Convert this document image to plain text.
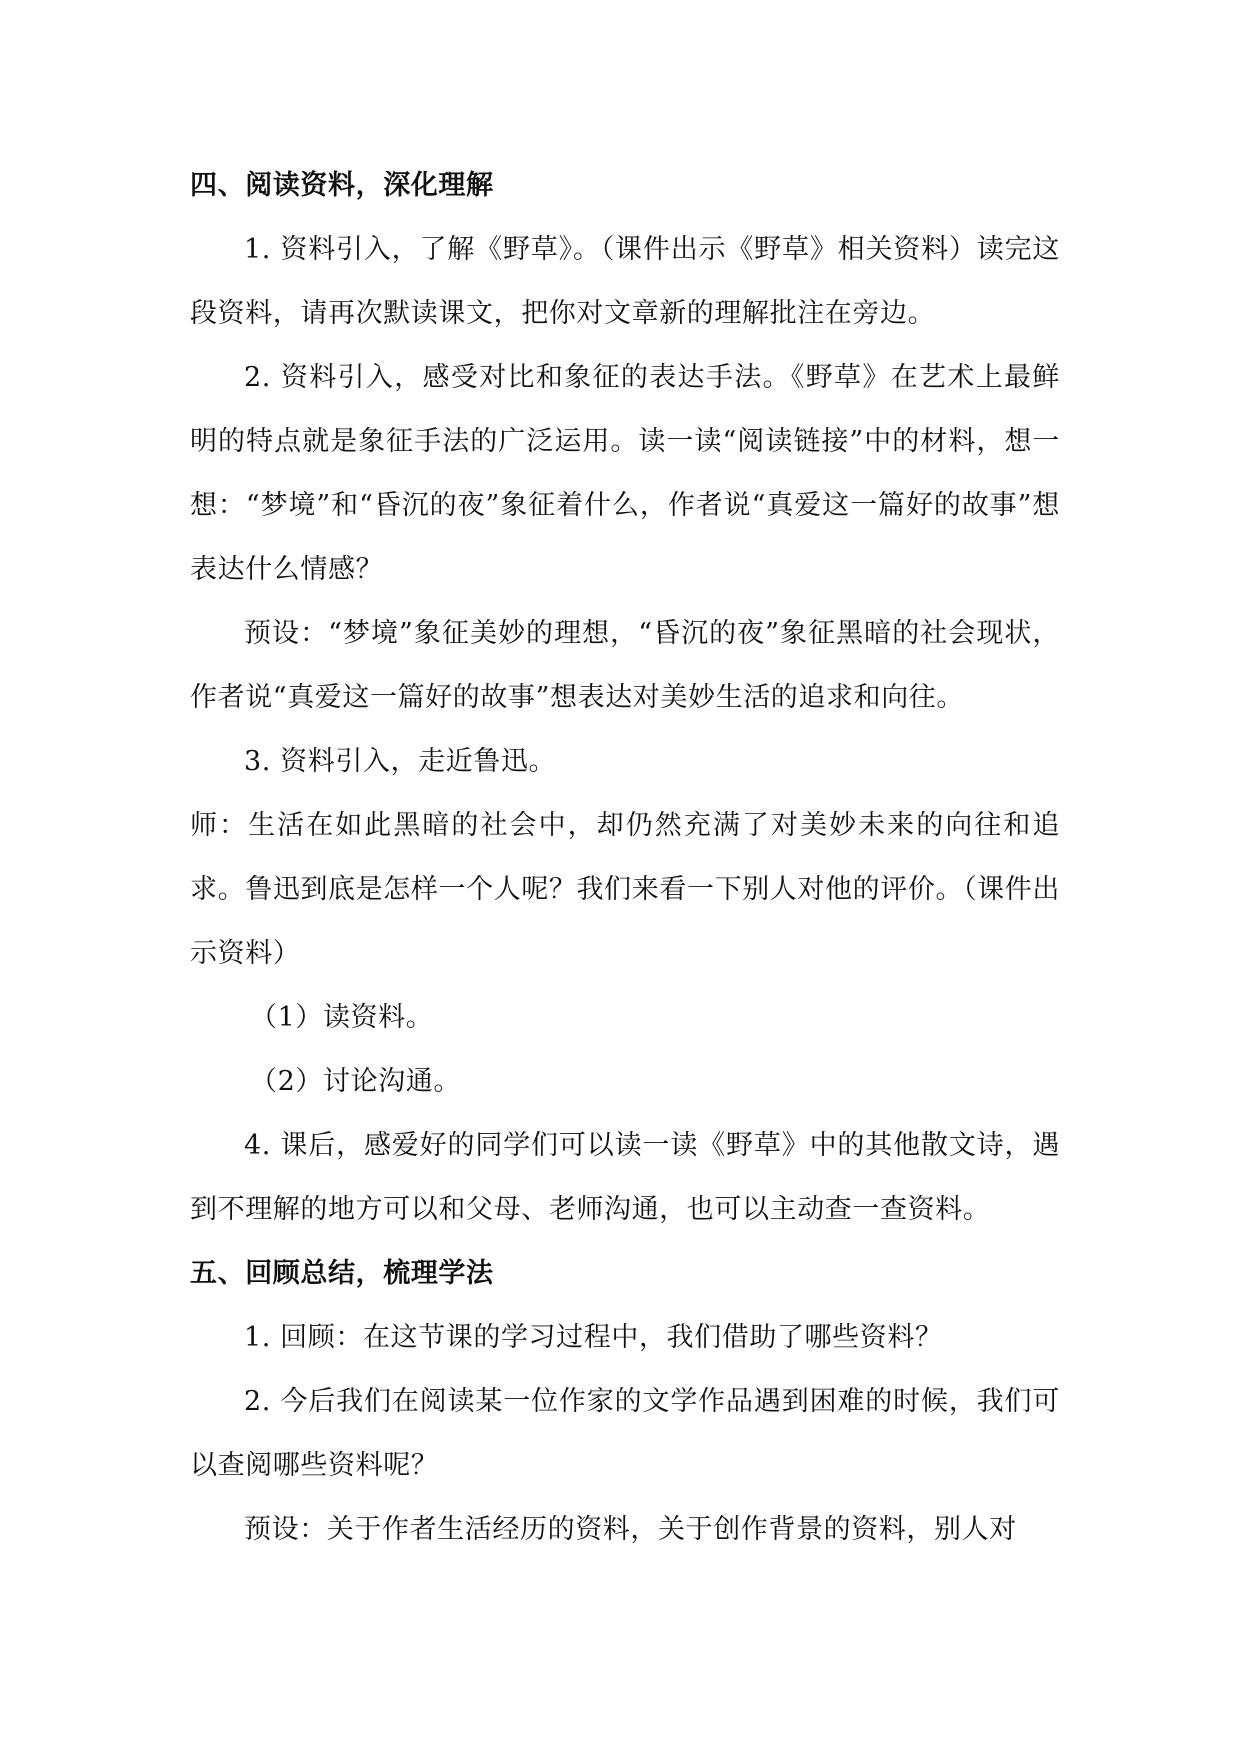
四、阅读资料，深化理解

1. 资料引入，了解《野草》。（课件出示《野草》相关资料）读完这段资料，请再次默读课文，把你对文章新的理解批注在旁边。

2. 资料引入，感受对比和象征的表达手法。《野草》在艺术上最鲜明的特点就是象征手法的广泛运用。读一读“阅读链接”中的材料，想一想：“梦境”和“昏沉的夜”象征着什么，作者说“真爱这一篇好的故事”想表达什么情感？

预设：“梦境”象征美妙的理想，“昏沉的夜”象征黑暗的社会现状，作者说“真爱这一篇好的故事”想表达对美妙生活的追求和向往。

3. 资料引入，走近鲁迅。

师：生活在如此黑暗的社会中，却仍然充满了对美妙未来的向往和追求。鲁迅到底是怎样一个人呢？我们来看一下别人对他的评价。（课件出示资料）

（1）读资料。

（2）讨论沟通。

4. 课后，感爱好的同学们可以读一读《野草》中的其他散文诗，遇到不理解的地方可以和父母、老师沟通，也可以主动查一查资料。

五、回顾总结，梳理学法

1. 回顾：在这节课的学习过程中，我们借助了哪些资料？

2. 今后我们在阅读某一位作家的文学作品遇到困难的时候，我们可以查阅哪些资料呢？

预设：关于作者生活经历的资料，关于创作背景的资料，别人对
